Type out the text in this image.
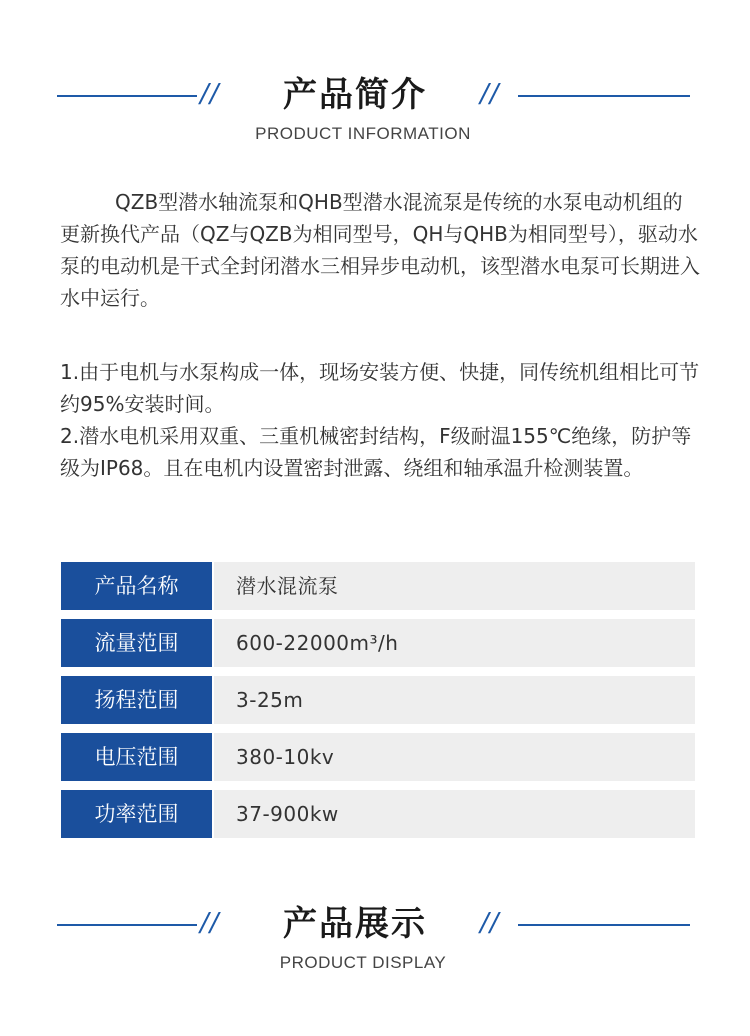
//	产品简介	//
PRODUCT INFORMATION
QZB型潜水轴流泵和QHB型潜水混流泵是传统的水泵电动机组的更新换代产品（QZ与QZB为相同型号，QH与QHB为相同型号），驱动水泵的电动机是干式全封闭潜水三相异步电动机，该型潜水电泵可长期进入水中运行。

1.由于电机与水泵构成一体，现场安装方便、快捷，同传统机组相比可节约95%安装时间。

2.潜水电机采用双重、三重机械密封结构，F级耐温155℃绝缘，防护等级为IP68。且在电机内设置密封泄露、绕组和轴承温升检测装置。

产品名称	潜水混流泵
流量范围	600-22000m³/h
扬程范围	3-25m
电压范围	380-10kv
功率范围	37-900kw
//	产品展示	//
PRODUCT DISPLAY
